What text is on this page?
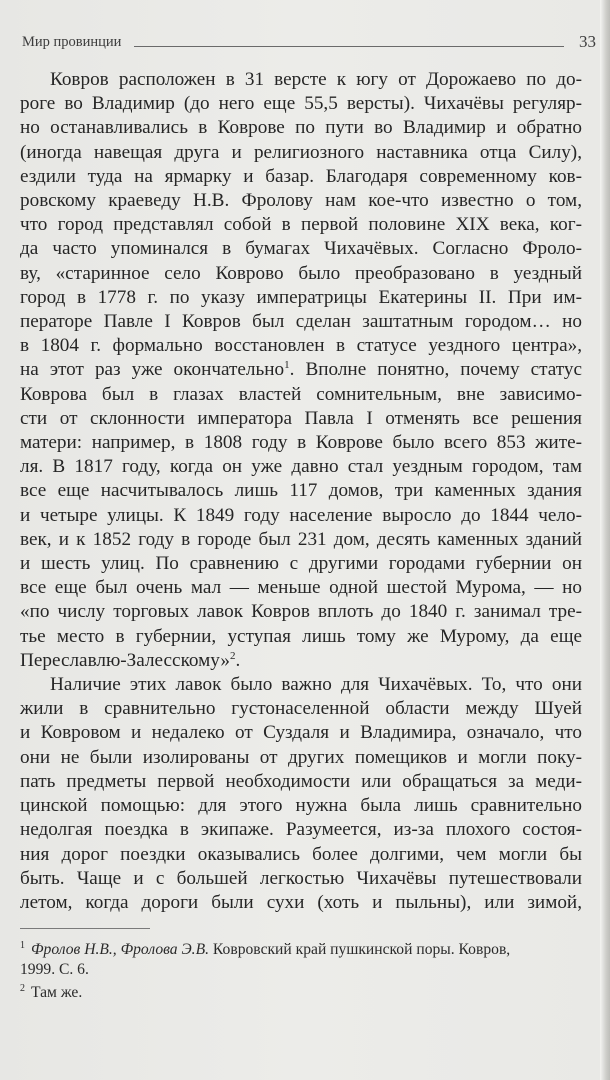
Мир провинции	33

Ковров расположен в 31 версте к югу от Дорожаево по до-
роге во Владимир (до него еще 55,5 версты). Чихачёвы регуляр-
но останавливались в Коврове по пути во Владимир и обратно
(иногда навещая друга и религиозного наставника отца Силу),
ездили туда на ярмарку и базар. Благодаря современному ков-
ровскому краеведу Н.В. Фролову нам кое-что известно о том,
что город представлял собой в первой половине XIX века, ког-
да часто упоминался в бумагах Чихачёвых. Согласно Фроло-
ву, «старинное село Коврово было преобразовано в уездный
город в 1778 г. по указу императрицы Екатерины II. При им-
ператоре Павле I Ковров был сделан заштатным городом… но
в 1804 г. формально восстановлен в статусе уездного центра»,
на этот раз уже окончательно$^1$. Вполне понятно, почему статус
Коврова был в глазах властей сомнительным, вне зависимо-
сти от склонности императора Павла I отменять все решения
матери: например, в 1808 году в Коврове было всего 853 жите-
ля. В 1817 году, когда он уже давно стал уездным городом, там
все еще насчитывалось лишь 117 домов, три каменных здания
и четыре улицы. К 1849 году население выросло до 1844 чело-
век, и к 1852 году в городе был 231 дом, десять каменных зданий
и шесть улиц. По сравнению с другими городами губернии он
все еще был очень мал — меньше одной шестой Мурома, — но
«по числу торговых лавок Ковров вплоть до 1840 г. занимал тре-
тье место в губернии, уступая лишь тому же Мурому, да еще
Переславлю-Залесскому»$^2$.

Наличие этих лавок было важно для Чихачёвых. То, что они
жили в сравнительно густонаселенной области между Шуей
и Ковровом и недалеко от Суздаля и Владимира, означало, что
они не были изолированы от других помещиков и могли поку-
пать предметы первой необходимости или обращаться за меди-
цинской помощью: для этого нужна была лишь сравнительно
недолгая поездка в экипаже. Разумеется, из-за плохого состоя-
ния дорог поездки оказывались более долгими, чем могли бы
быть. Чаще и с большей легкостью Чихачёвы путешествовали
летом, когда дороги были сухи (хоть и пыльны), или зимой,

$^1$ Фролов Н.В., Фролова Э.В. Ковровский край пушкинской поры. Ковров,
1999. С. 6.

$^2$ Там же.
